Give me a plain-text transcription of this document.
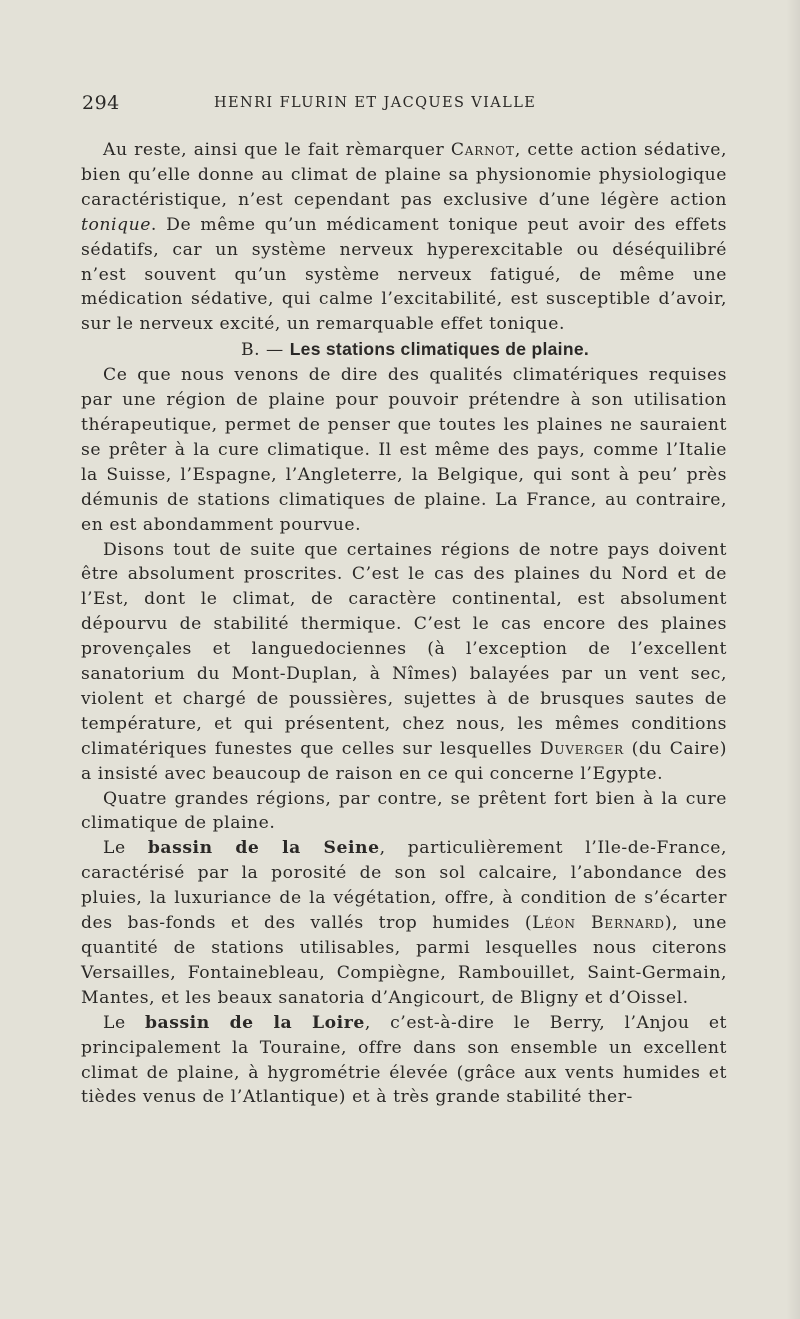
294	HENRI FLURIN ET JACQUES VIALLE

Au reste, ainsi que le fait rèmarquer Carnot, cette action sédative, bien qu’elle donne au climat de plaine sa physionomie physiologique caractéristique, n’est cependant pas exclusive d’une légère action tonique. De même qu’un médicament tonique peut avoir des effets sédatifs, car un système nerveux hyperexcitable ou déséquilibré n’est souvent qu’un système nerveux fatigué, de même une médication sédative, qui calme l’excitabilité, est susceptible d’avoir, sur le nerveux excité, un remarquable effet tonique.

B. — Les stations climatiques de plaine.

Ce que nous venons de dire des qualités climatériques requises par une région de plaine pour pouvoir prétendre à son utilisation thérapeutique, permet de penser que toutes les plaines ne sauraient se prêter à la cure climatique. Il est même des pays, comme l’Italie la Suisse, l’Espagne, l’Angleterre, la Belgique, qui sont à peu’ près démunis de stations climatiques de plaine. La France, au contraire, en est abondamment pourvue.

Disons tout de suite que certaines régions de notre pays doivent être absolument proscrites. C’est le cas des plaines du Nord et de l’Est, dont le climat, de caractère continental, est absolument dépourvu de stabilité thermique. C’est le cas encore des plaines provençales et languedociennes (à l’exception de l’excellent sanatorium du Mont-Duplan, à Nîmes) balayées par un vent sec, violent et chargé de poussières, sujettes à de brusques sautes de température, et qui présentent, chez nous, les mêmes conditions climatériques funestes que celles sur lesquelles Duverger (du Caire) a insisté avec beaucoup de raison en ce qui concerne l’Egypte.

Quatre grandes régions, par contre, se prêtent fort bien à la cure climatique de plaine.

Le bassin de la Seine, particulièrement l’Ile-de-France, caractérisé par la porosité de son sol calcaire, l’abondance des pluies, la luxuriance de la végétation, offre, à condition de s’écarter des bas-fonds et des vallés trop humides (Léon Bernard), une quantité de stations utilisables, parmi lesquelles nous citerons Versailles, Fontainebleau, Compiègne, Rambouillet, Saint-Germain, Mantes, et les beaux sanatoria d’Angicourt, de Bligny et d’Oissel.

Le bassin de la Loire, c’est-à-dire le Berry, l’Anjou et principalement la Touraine, offre dans son ensemble un excellent climat de plaine, à hygrométrie élevée (grâce aux vents humides et tièdes venus de l’Atlantique) et à très grande stabilité ther-
